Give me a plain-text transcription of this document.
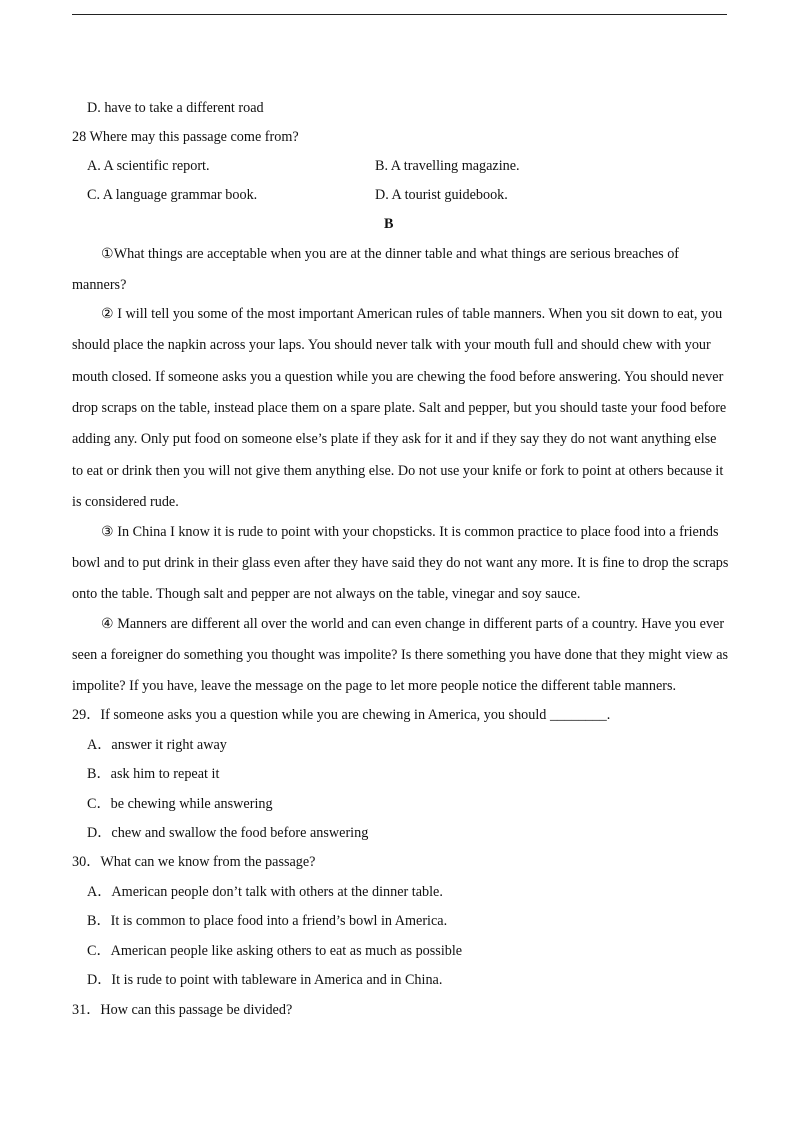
D. have to take a different road
28 Where may this passage come from?
A. A scientific report.	B. A travelling magazine.
C. A language grammar book.	D. A tourist guidebook.
B
①What things are acceptable when you are at the dinner table and what things are serious breaches of
manners?
② I will tell you some of the most important American rules of table manners. When you sit down to eat, you
should place the napkin across your laps. You should never talk with your mouth full and should chew with your
mouth closed. If someone asks you a question while you are chewing the food before answering. You should never
drop scraps on the table, instead place them on a spare plate. Salt and pepper, but you should taste your food before
adding any. Only put food on someone else’s plate if they ask for it and if they say they do not want anything else
to eat or drink then you will not give them anything else. Do not use your knife or fork to point at others because it
is considered rude.
③ In China I know it is rude to point with your chopsticks. It is common practice to place food into a friends
bowl and to put drink in their glass even after they have said they do not want any more. It is fine to drop the scraps
onto the table. Though salt and pepper are not always on the table, vinegar and soy sauce.
④ Manners are different all over the world and can even change in different parts of a country. Have you ever
seen a foreigner do something you thought was impolite? Is there something you have done that they might view as
impolite? If you have, leave the message on the page to let more people notice the different table manners.
29．If someone asks you a question while you are chewing in America, you should ________.
A．answer it right away
B．ask him to repeat it
C．be chewing while answering
D．chew and swallow the food before answering
30．What can we know from the passage?
A．American people don’t talk with others at the dinner table.
B．It is common to place food into a friend’s bowl in America.
C．American people like asking others to eat as much as possible
D．It is rude to point with tableware in America and in China.
31．How can this passage be divided?
